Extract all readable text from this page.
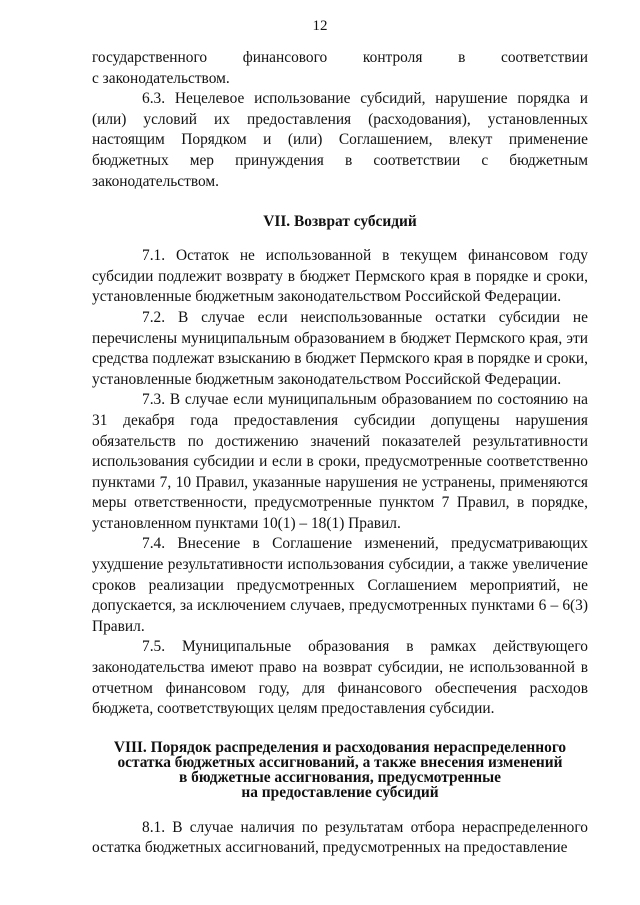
12
государственного финансового контроля в соответствии

с законодательством.

6.3. Нецелевое использование субсидий, нарушение порядка и (или) условий их предоставления (расходования), установленных настоящим Порядком и (или) Соглашением, влекут применение бюджетных мер принуждения в соответствии с бюджетным законодательством.

VII. Возврат субсидий

7.1. Остаток не использованной в текущем финансовом году субсидии подлежит возврату в бюджет Пермского края в порядке и сроки, установленные бюджетным законодательством Российской Федерации.

7.2. В случае если неиспользованные остатки субсидии не перечислены муниципальным образованием в бюджет Пермского края, эти средства подлежат взысканию в бюджет Пермского края в порядке и сроки, установленные бюджетным законодательством Российской Федерации.

7.3. В случае если муниципальным образованием по состоянию на 31 декабря года предоставления субсидии допущены нарушения обязательств по достижению значений показателей результативности использования субсидии и если в сроки, предусмотренные соответственно пунктами 7, 10 Правил, указанные нарушения не устранены, применяются меры ответственности, предусмотренные пунктом 7 Правил, в порядке, установленном пунктами 10(1) – 18(1) Правил.

7.4. Внесение в Соглашение изменений, предусматривающих ухудшение результативности использования субсидии, а также увеличение сроков реализации предусмотренных Соглашением мероприятий, не допускается, за исключением случаев, предусмотренных пунктами 6 – 6(3) Правил.

7.5. Муниципальные образования в рамках действующего законодательства имеют право на возврат субсидии, не использованной в отчетном финансовом году, для финансового обеспечения расходов бюджета, соответствующих целям предоставления субсидии.

VIII. Порядок распределения и расходования нераспределенного
остатка бюджетных ассигнований, а также внесения изменений
в бюджетные ассигнования, предусмотренные
на предоставление субсидий

8.1. В случае наличия по результатам отбора нераспределенного остатка бюджетных ассигнований, предусмотренных на предоставление
